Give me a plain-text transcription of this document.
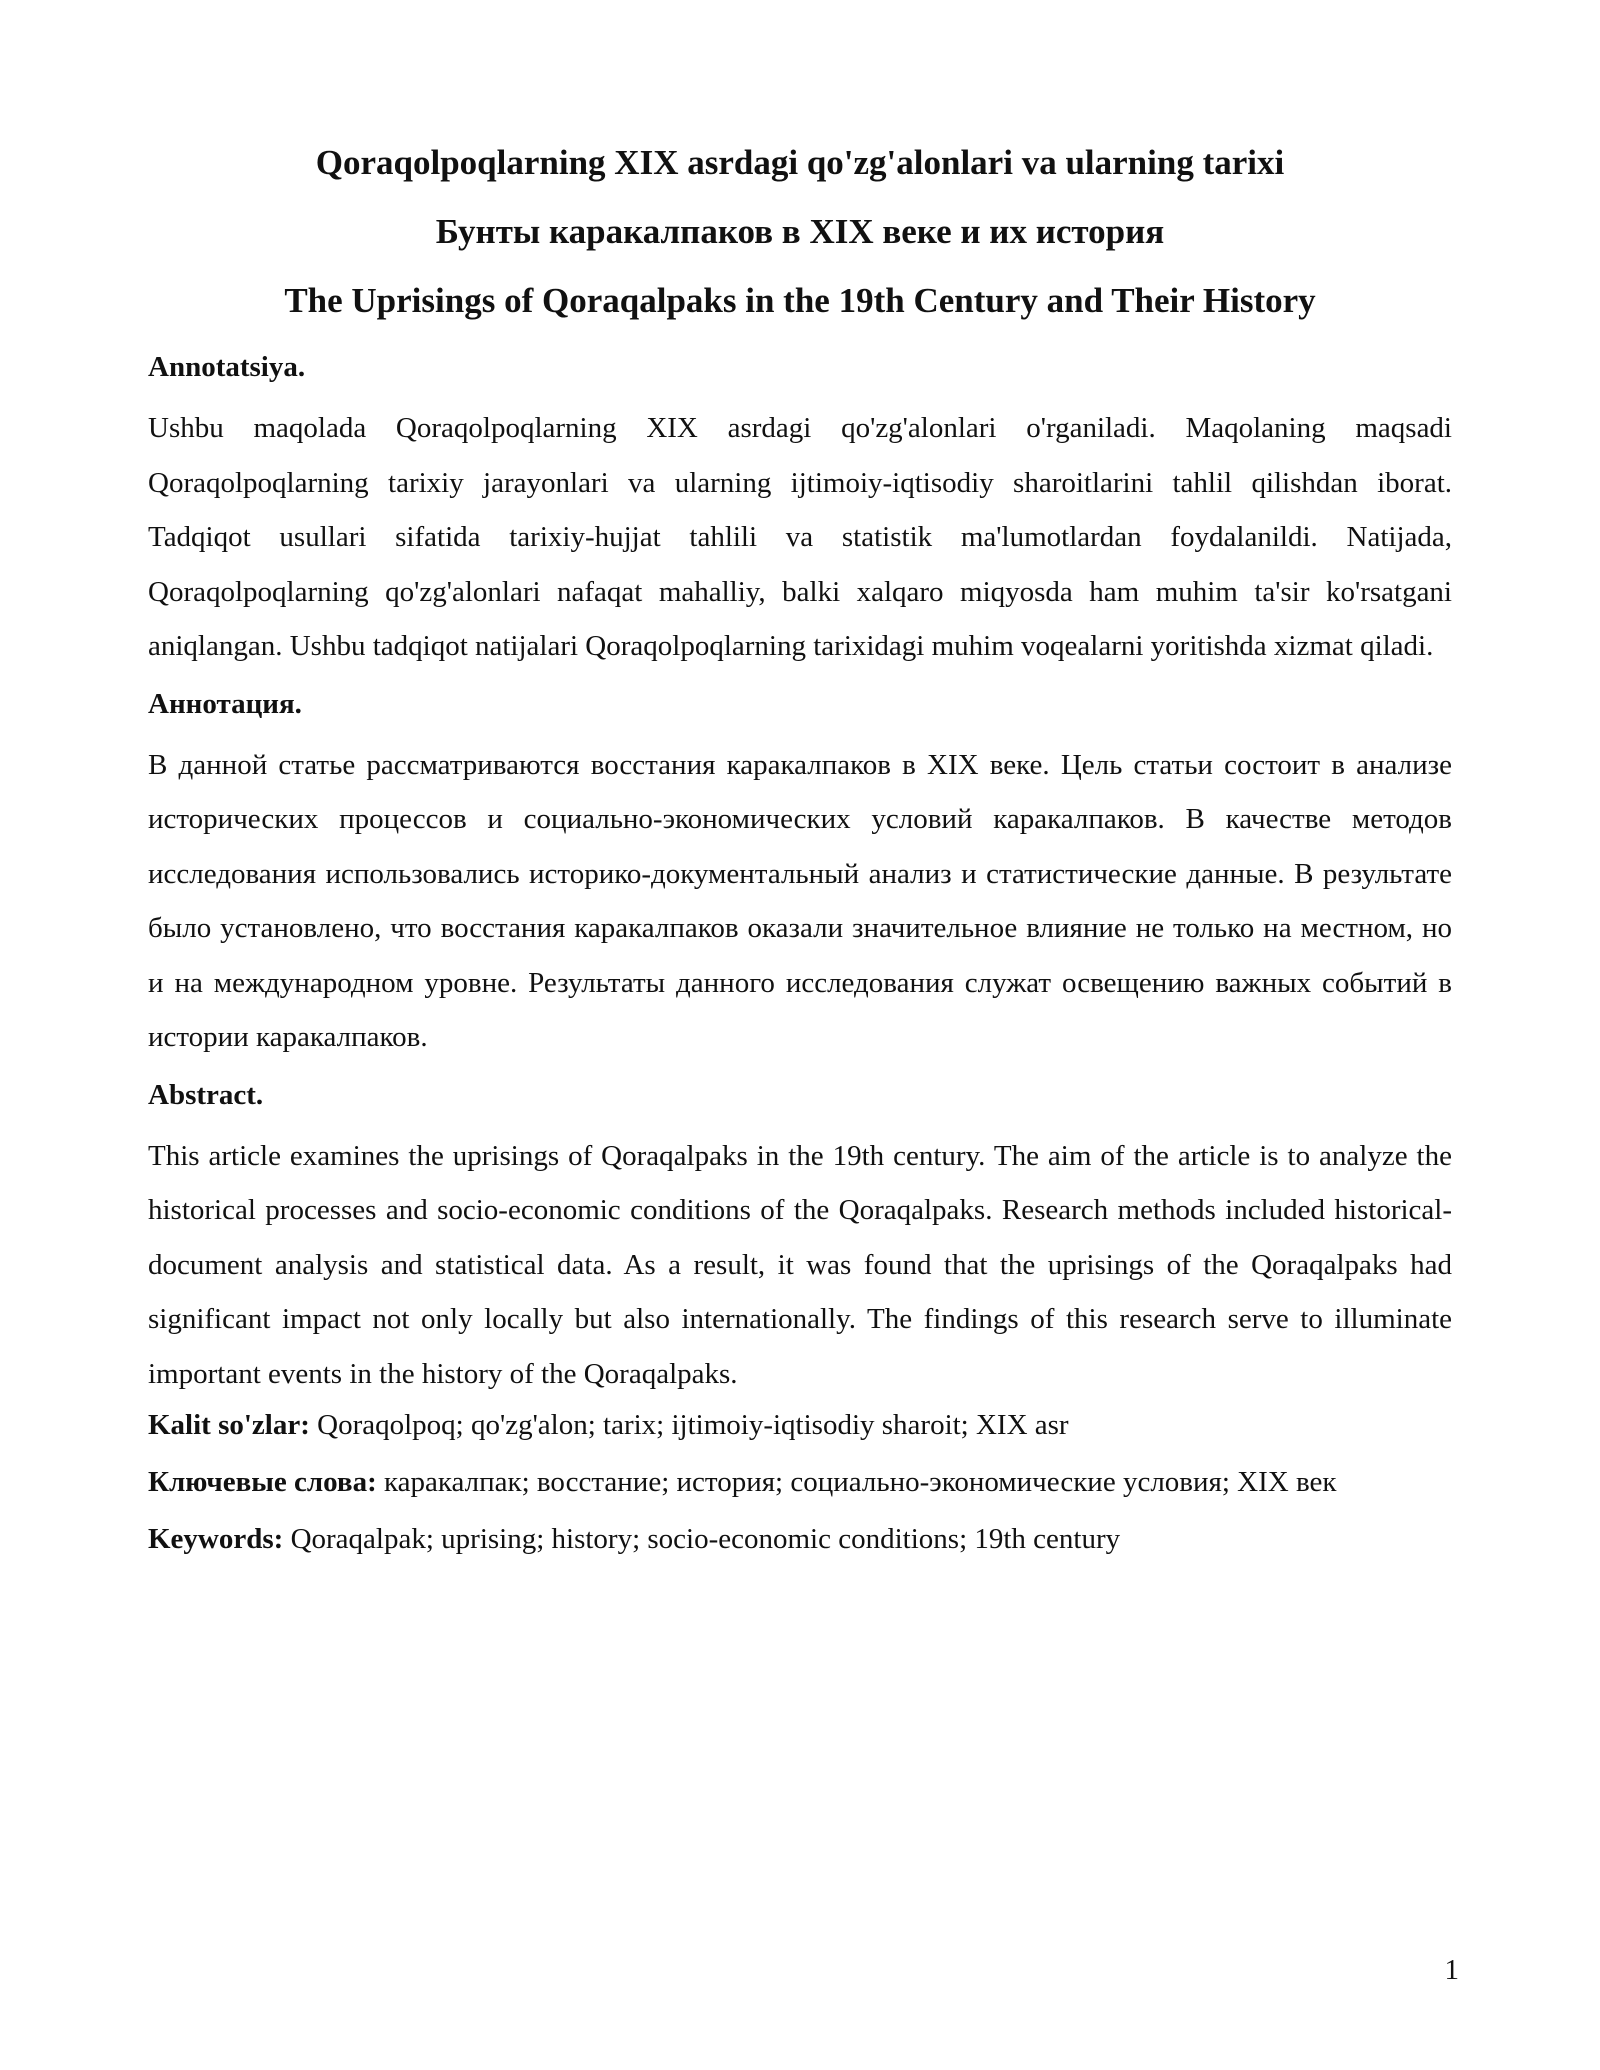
Qoraqolpoqlarning XIX asrdagi qo'zg'alonlari va ularning tarixi
Бунты каракалпаков в XIX веке и их история
The Uprisings of Qoraqalpaks in the 19th Century and Their History
Annotatsiya.

Ushbu maqolada Qoraqolpoqlarning XIX asrdagi qo'zg'alonlari o'rganiladi. Maqolaning maqsadi Qoraqolpoqlarning tarixiy jarayonlari va ularning ijtimoiy-iqtisodiy sharoitlarini tahlil qilishdan iborat. Tadqiqot usullari sifatida tarixiy-hujjat tahlili va statistik ma'lumotlardan foydalanildi. Natijada, Qoraqolpoqlarning qo'zg'alonlari nafaqat mahalliy, balki xalqaro miqyosda ham muhim ta'sir ko'rsatgani aniqlangan. Ushbu tadqiqot natijalari Qoraqolpoqlarning tarixidagi muhim voqealarni yoritishda xizmat qiladi.

Аннотация.

В данной статье рассматриваются восстания каракалпаков в XIX веке. Цель статьи состоит в анализе исторических процессов и социально-экономических условий каракалпаков. В качестве методов исследования использовались историко-документальный анализ и статистические данные. В результате было установлено, что восстания каракалпаков оказали значительное влияние не только на местном, но и на международном уровне. Результаты данного исследования служат освещению важных событий в истории каракалпаков.

Abstract.

This article examines the uprisings of Qoraqalpaks in the 19th century. The aim of the article is to analyze the historical processes and socio-economic conditions of the Qoraqalpaks. Research methods included historical-document analysis and statistical data. As a result, it was found that the uprisings of the Qoraqalpaks had significant impact not only locally but also internationally. The findings of this research serve to illuminate important events in the history of the Qoraqalpaks.

Kalit so'zlar: Qoraqolpoq; qo'zg'alon; tarix; ijtimoiy-iqtisodiy sharoit; XIX asr
Ключевые слова: каракалпак; восстание; история; социально-экономические условия; XIX век
Keywords: Qoraqalpak; uprising; history; socio-economic conditions; 19th century
1
